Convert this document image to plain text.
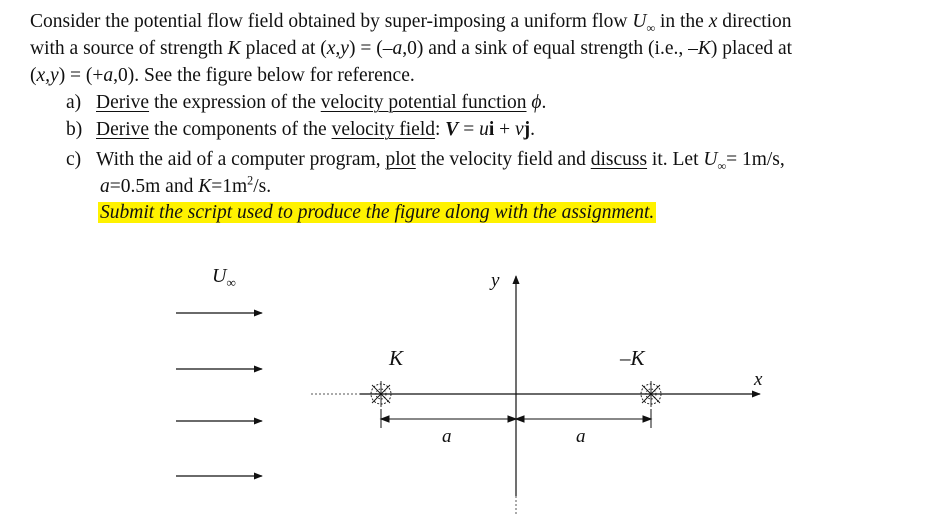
Consider the potential flow field obtained by super-imposing a uniform flow $U_\infty$ in the x direction
with a source of strength K placed at (x,y) = (–a,0) and a sink of equal strength (i.e., –K) placed at
(x,y) = (+a,0). See the figure below for reference.
a) Derive the expression of the velocity potential function ϕ.
b) Derive the components of the velocity field: V = ui + vj.
c) With the aid of a computer program, plot the velocity field and discuss it. Let $U_\infty= 1m/s$,
a=0.5m and $K=1m^2/s$.
Submit the script used to produce the figure along with the assignment.
$U_\infty$
x
y
a	a
K	–K
